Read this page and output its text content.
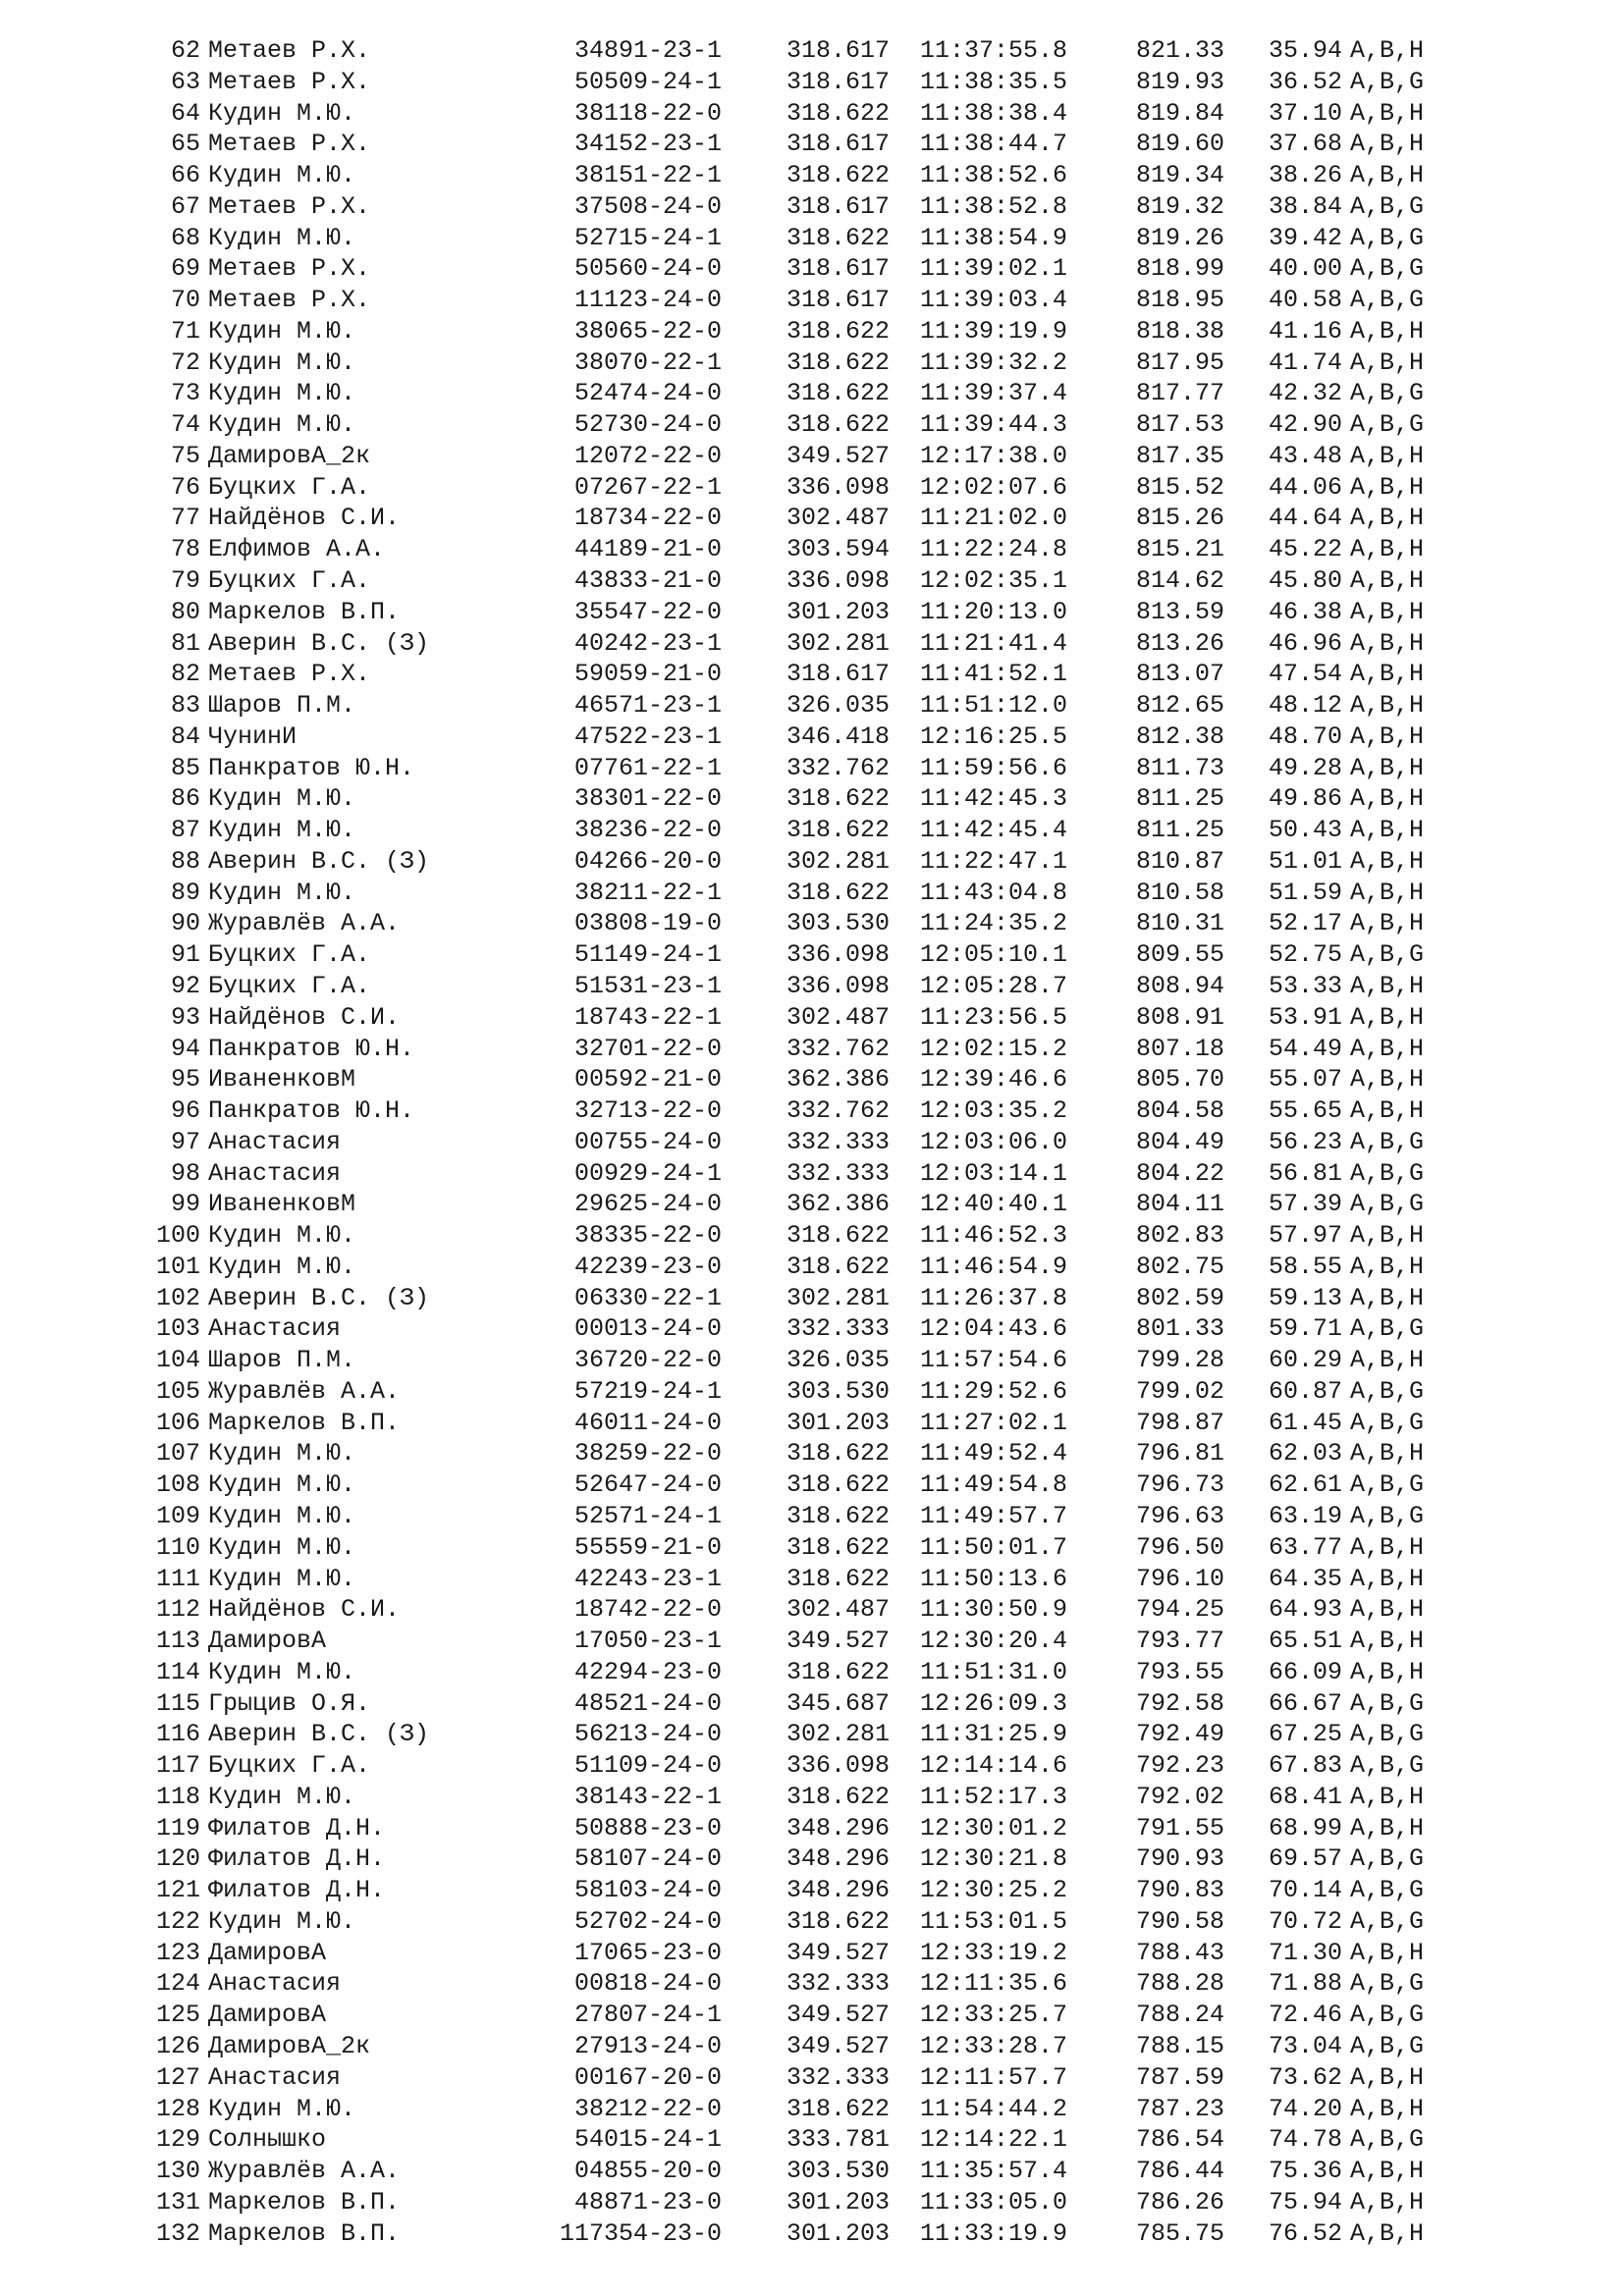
62 Метаев Р.Х.	34891-23-1	318.617 11:37:55.8	821.33 35.94 A,B,H
63 Метаев Р.Х.	50509-24-1	318.617 11:38:35.5	819.93 36.52 A,B,G
64 Кудин М.Ю.	38118-22-0	318.622 11:38:38.4	819.84 37.10 A,B,H
65 Метаев Р.Х.	34152-23-1	318.617 11:38:44.7	819.60 37.68 A,B,H
66 Кудин М.Ю.	38151-22-1	318.622 11:38:52.6	819.34 38.26 A,B,H
67 Метаев Р.Х.	37508-24-0	318.617 11:38:52.8	819.32 38.84 A,B,G
68 Кудин М.Ю.	52715-24-1	318.622 11:38:54.9	819.26 39.42 A,B,G
69 Метаев Р.Х.	50560-24-0	318.617 11:39:02.1	818.99 40.00 A,B,G
70 Метаев Р.Х.	11123-24-0	318.617 11:39:03.4	818.95 40.58 A,B,G
71 Кудин М.Ю.	38065-22-0	318.622 11:39:19.9	818.38 41.16 A,B,H
72 Кудин М.Ю.	38070-22-1	318.622 11:39:32.2	817.95 41.74 A,B,H
73 Кудин М.Ю.	52474-24-0	318.622 11:39:37.4	817.77 42.32 A,B,G
74 Кудин М.Ю.	52730-24-0	318.622 11:39:44.3	817.53 42.90 A,B,G
75 ДамировА_2к	12072-22-0	349.527 12:17:38.0	817.35 43.48 A,B,H
76 Буцких Г.А.	07267-22-1	336.098 12:02:07.6	815.52 44.06 A,B,H
77 Найдёнов С.И.	18734-22-0	302.487 11:21:02.0	815.26 44.64 A,B,H
78 Елфимов А.А.	44189-21-0	303.594 11:22:24.8	815.21 45.22 A,B,H
79 Буцких Г.А.	43833-21-0	336.098 12:02:35.1	814.62 45.80 A,B,H
80 Маркелов В.П.	35547-22-0	301.203 11:20:13.0	813.59 46.38 A,B,H
81 Аверин В.С. (З)	40242-23-1	302.281 11:21:41.4	813.26 46.96 A,B,H
82 Метаев Р.Х.	59059-21-0	318.617 11:41:52.1	813.07 47.54 A,B,H
83 Шаров П.М.	46571-23-1	326.035 11:51:12.0	812.65 48.12 A,B,H
84 ЧунинИ	47522-23-1	346.418 12:16:25.5	812.38 48.70 A,B,H
85 Панкратов Ю.Н.	07761-22-1	332.762 11:59:56.6	811.73 49.28 A,B,H
86 Кудин М.Ю.	38301-22-0	318.622 11:42:45.3	811.25 49.86 A,B,H
87 Кудин М.Ю.	38236-22-0	318.622 11:42:45.4	811.25 50.43 A,B,H
88 Аверин В.С. (З)	04266-20-0	302.281 11:22:47.1	810.87 51.01 A,B,H
89 Кудин М.Ю.	38211-22-1	318.622 11:43:04.8	810.58 51.59 A,B,H
90 Журавлёв А.А.	03808-19-0	303.530 11:24:35.2	810.31 52.17 A,B,H
91 Буцких Г.А.	51149-24-1	336.098 12:05:10.1	809.55 52.75 A,B,G
92 Буцких Г.А.	51531-23-1	336.098 12:05:28.7	808.94 53.33 A,B,H
93 Найдёнов С.И.	18743-22-1	302.487 11:23:56.5	808.91 53.91 A,B,H
94 Панкратов Ю.Н.	32701-22-0	332.762 12:02:15.2	807.18 54.49 A,B,H
95 ИваненковМ	00592-21-0	362.386 12:39:46.6	805.70 55.07 A,B,H
96 Панкратов Ю.Н.	32713-22-0	332.762 12:03:35.2	804.58 55.65 A,B,H
97 Анастасия	00755-24-0	332.333 12:03:06.0	804.49 56.23 A,B,G
98 Анастасия	00929-24-1	332.333 12:03:14.1	804.22 56.81 A,B,G
99 ИваненковМ	29625-24-0	362.386 12:40:40.1	804.11 57.39 A,B,G
100 Кудин М.Ю.	38335-22-0	318.622 11:46:52.3	802.83 57.97 A,B,H
101 Кудин М.Ю.	42239-23-0	318.622 11:46:54.9	802.75 58.55 A,B,H
102 Аверин В.С. (З)	06330-22-1	302.281 11:26:37.8	802.59 59.13 A,B,H
103 Анастасия	00013-24-0	332.333 12:04:43.6	801.33 59.71 A,B,G
104 Шаров П.М.	36720-22-0	326.035 11:57:54.6	799.28 60.29 A,B,H
105 Журавлёв А.А.	57219-24-1	303.530 11:29:52.6	799.02 60.87 A,B,G
106 Маркелов В.П.	46011-24-0	301.203 11:27:02.1	798.87 61.45 A,B,G
107 Кудин М.Ю.	38259-22-0	318.622 11:49:52.4	796.81 62.03 A,B,H
108 Кудин М.Ю.	52647-24-0	318.622 11:49:54.8	796.73 62.61 A,B,G
109 Кудин М.Ю.	52571-24-1	318.622 11:49:57.7	796.63 63.19 A,B,G
110 Кудин М.Ю.	55559-21-0	318.622 11:50:01.7	796.50 63.77 A,B,H
111 Кудин М.Ю.	42243-23-1	318.622 11:50:13.6	796.10 64.35 A,B,H
112 Найдёнов С.И.	18742-22-0	302.487 11:30:50.9	794.25 64.93 A,B,H
113 ДамировА	17050-23-1	349.527 12:30:20.4	793.77 65.51 A,B,H
114 Кудин М.Ю.	42294-23-0	318.622 11:51:31.0	793.55 66.09 A,B,H
115 Грыцив О.Я.	48521-24-0	345.687 12:26:09.3	792.58 66.67 A,B,G
116 Аверин В.С. (З)	56213-24-0	302.281 11:31:25.9	792.49 67.25 A,B,G
117 Буцких Г.А.	51109-24-0	336.098 12:14:14.6	792.23 67.83 A,B,G
118 Кудин М.Ю.	38143-22-1	318.622 11:52:17.3	792.02 68.41 A,B,H
119 Филатов Д.Н.	50888-23-0	348.296 12:30:01.2	791.55 68.99 A,B,H
120 Филатов Д.Н.	58107-24-0	348.296 12:30:21.8	790.93 69.57 A,B,G
121 Филатов Д.Н.	58103-24-0	348.296 12:30:25.2	790.83 70.14 A,B,G
122 Кудин М.Ю.	52702-24-0	318.622 11:53:01.5	790.58 70.72 A,B,G
123 ДамировА	17065-23-0	349.527 12:33:19.2	788.43 71.30 A,B,H
124 Анастасия	00818-24-0	332.333 12:11:35.6	788.28 71.88 A,B,G
125 ДамировА	27807-24-1	349.527 12:33:25.7	788.24 72.46 A,B,G
126 ДамировА_2к	27913-24-0	349.527 12:33:28.7	788.15 73.04 A,B,G
127 Анастасия	00167-20-0	332.333 12:11:57.7	787.59 73.62 A,B,H
128 Кудин М.Ю.	38212-22-0	318.622 11:54:44.2	787.23 74.20 A,B,H
129 Солнышко	54015-24-1	333.781 12:14:22.1	786.54 74.78 A,B,G
130 Журавлёв А.А.	04855-20-0	303.530 11:35:57.4	786.44 75.36 A,B,H
131 Маркелов В.П.	48871-23-0	301.203 11:33:05.0	786.26 75.94 A,B,H
132 Маркелов В.П.	117354-23-0	301.203 11:33:19.9	785.75 76.52 A,B,H
